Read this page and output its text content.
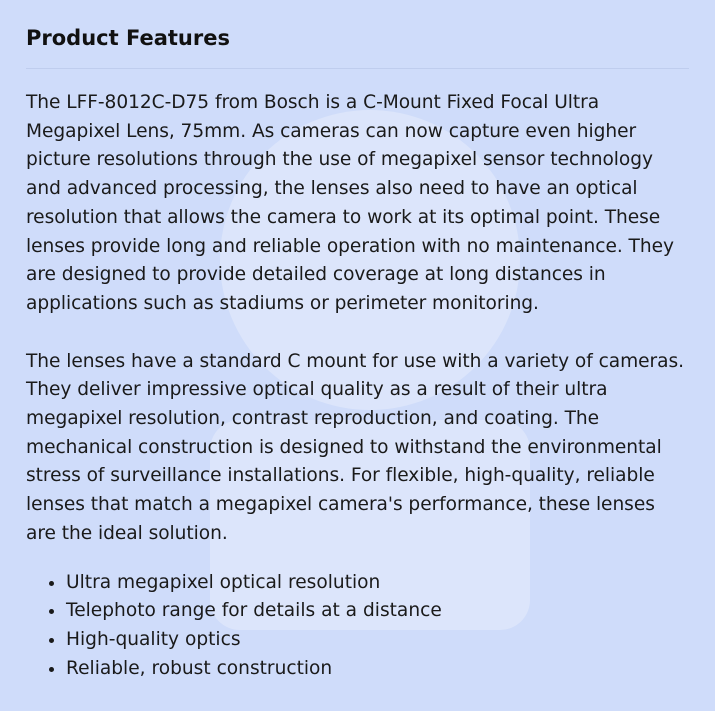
Product Features

The LFF-8012C-D75 from Bosch is a C-Mount Fixed Focal Ultra Megapixel Lens, 75mm. As cameras can now capture even higher picture resolutions through the use of megapixel sensor technology and advanced processing, the lenses also need to have an optical resolution that allows the camera to work at its optimal point. These lenses provide long and reliable operation with no maintenance. They are designed to provide detailed coverage at long distances in applications such as stadiums or perimeter monitoring.

The lenses have a standard C mount for use with a variety of cameras. They deliver impressive optical quality as a result of their ultra megapixel resolution, contrast reproduction, and coating. The mechanical construction is designed to withstand the environmental stress of surveillance installations. For flexible, high-quality, reliable lenses that match a megapixel camera's performance, these lenses are the ideal solution.

• Ultra megapixel optical resolution
• Telephoto range for details at a distance
• High-quality optics
• Reliable, robust construction
